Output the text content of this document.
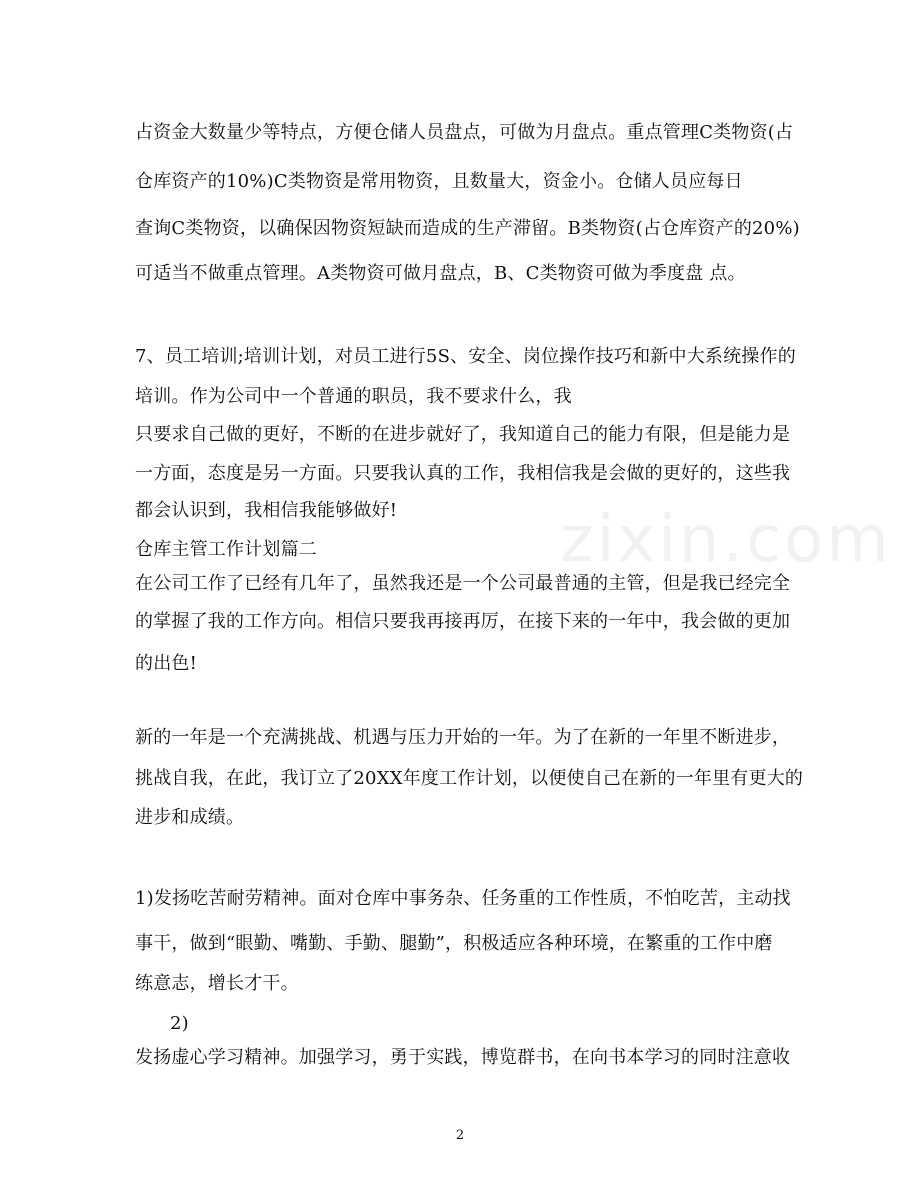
zixin.com
占资金大数量少等特点，方便仓储人员盘点，可做为月盘点。重点管理C类物资(占
仓库资产的10%)C类物资是常用物资，且数量大，资金小。仓储人员应每日
查询C类物资，以确保因物资短缺而造成的生产滞留。B类物资(占仓库资产的20%)
可适当不做重点管理。A类物资可做月盘点，B、C类物资可做为季度盘 点。
7、员工培训;培训计划，对员工进行5S、安全、岗位操作技巧和新中大系统操作的
培训。作为公司中一个普通的职员，我不要求什么，我
只要求自己做的更好，不断的在进步就好了，我知道自己的能力有限，但是能力是
一方面，态度是另一方面。只要我认真的工作，我相信我是会做的更好的，这些我
都会认识到，我相信我能够做好!
仓库主管工作计划篇二
在公司工作了已经有几年了，虽然我还是一个公司最普通的主管，但是我已经完全
的掌握了我的工作方向。相信只要我再接再厉，在接下来的一年中，我会做的更加
的出色!
新的一年是一个充满挑战、机遇与压力开始的一年。为了在新的一年里不断进步，
挑战自我，在此，我订立了20XX年度工作计划，以便使自己在新的一年里有更大的
进步和成绩。
1)发扬吃苦耐劳精神。面对仓库中事务杂、任务重的工作性质，不怕吃苦，主动找
事干，做到“眼勤、嘴勤、手勤、腿勤”，积极适应各种环境，在繁重的工作中磨
练意志，增长才干。
2)
发扬虚心学习精神。加强学习，勇于实践，博览群书，在向书本学习的同时注意收
2
